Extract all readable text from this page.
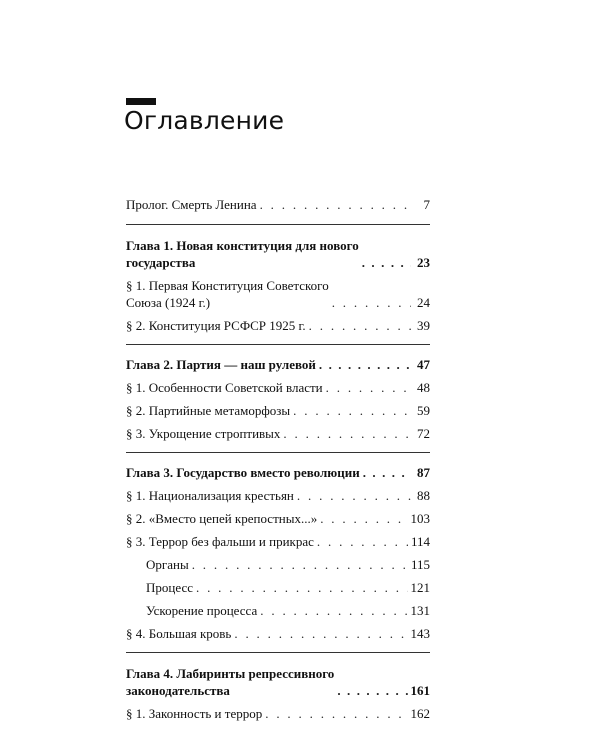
Оглавление
Пролог. Смерть Ленина . . .	7
Глава 1. Новая конституция для нового
государства . . .	23
§ 1. Первая Конституция Советского
Союза (1924 г.) . . .	24
§ 2. Конституция РСФСР 1925 г. . . .	39
Глава 2. Партия — наш рулевой . . .	47
§ 1. Особенности Советской власти . . .	48
§ 2. Партийные метаморфозы . . .	59
§ 3. Укрощение строптивых . . .	72
Глава 3. Государство вместо революции . . .	87
§ 1. Национализация крестьян . . .	88
§ 2. «Вместо цепей крепостных...» . . .	103
§ 3. Террор без фальши и прикрас . . .	114
Органы . . .	115
Процесс . . .	121
Ускорение процесса . . .	131
§ 4. Большая кровь . . .	143
Глава 4. Лабиринты репрессивного
законодательства . . .	161
§ 1. Законность и террор . . .	162
